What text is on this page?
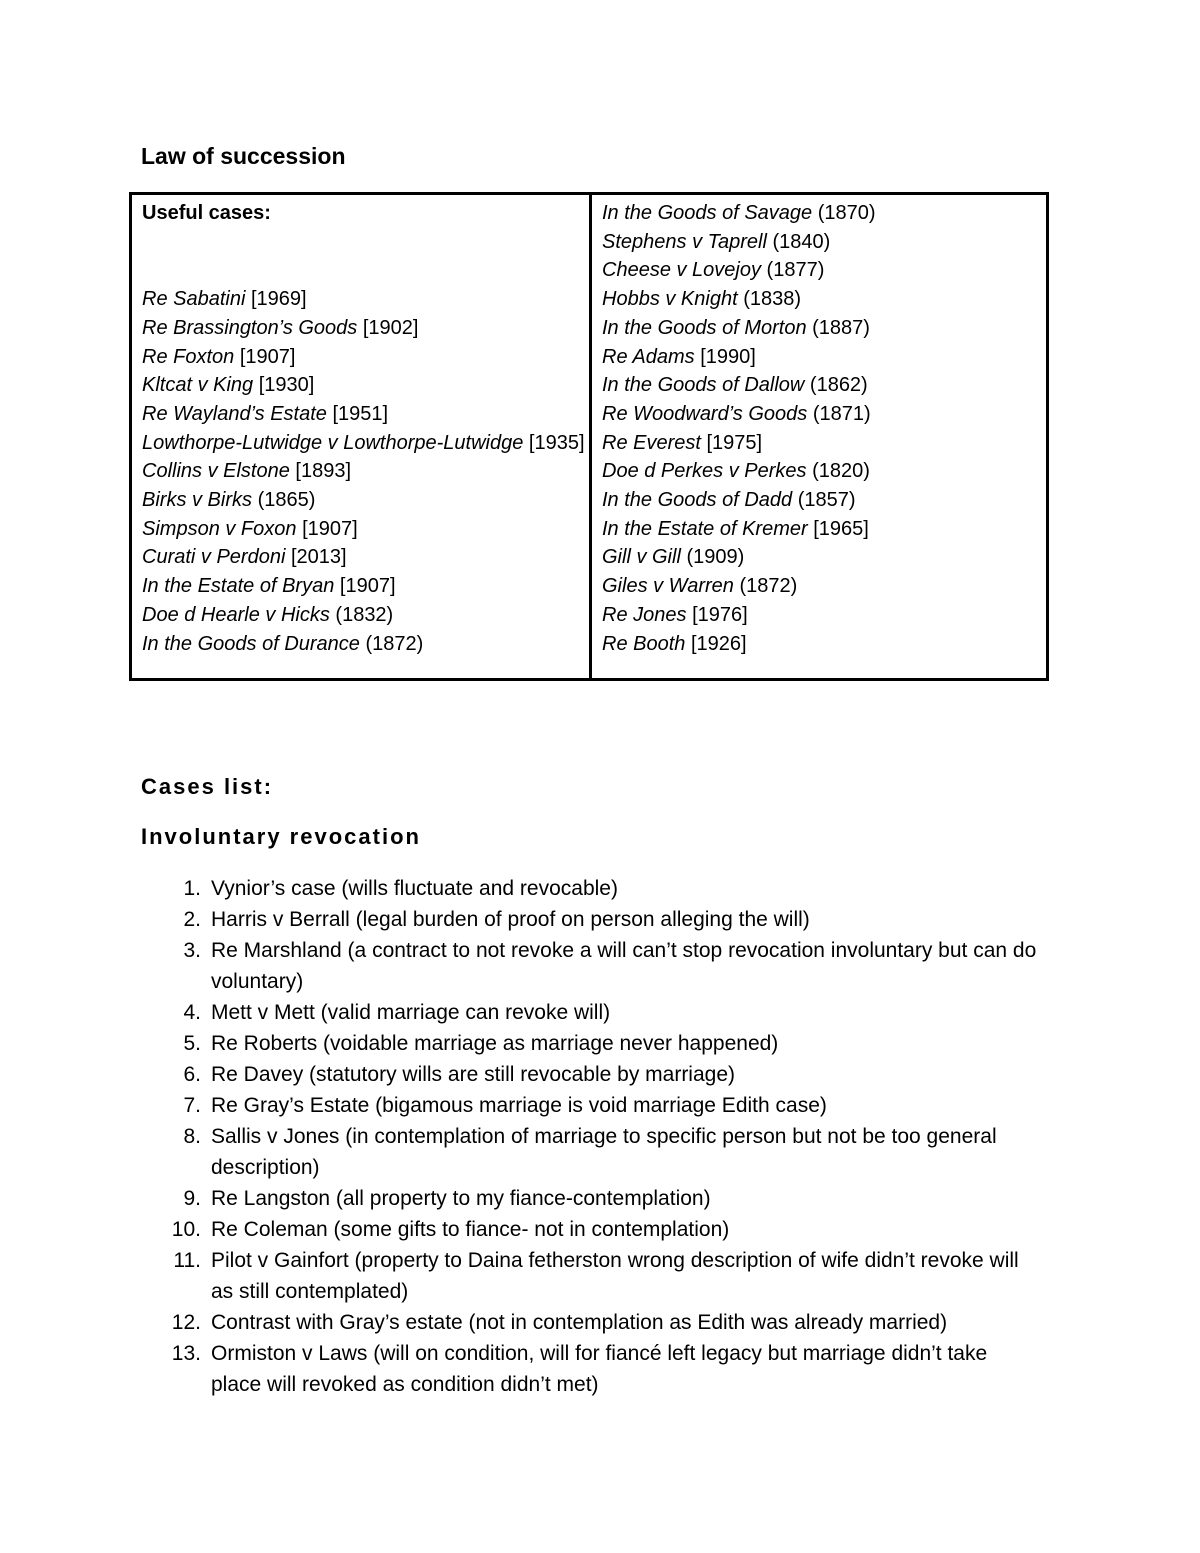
Law of succession
Useful cases:
Re Sabatini [1969]
Re Brassington’s Goods [1902]
Re Foxton [1907]
Kltcat v King [1930]
Re Wayland’s Estate [1951]
Lowthorpe-Lutwidge v Lowthorpe-Lutwidge [1935]
Collins v Elstone [1893]
Birks v Birks (1865)
Simpson v Foxon [1907]
Curati v Perdoni [2013]
In the Estate of Bryan [1907]
Doe d Hearle v Hicks (1832)
In the Goods of Durance (1872)
In the Goods of Savage (1870)
Stephens v Taprell (1840)
Cheese v Lovejoy (1877)
Hobbs v Knight (1838)
In the Goods of Morton (1887)
Re Adams [1990]
In the Goods of Dallow (1862)
Re Woodward’s Goods (1871)
Re Everest [1975]
Doe d Perkes v Perkes (1820)
In the Goods of Dadd (1857)
In the Estate of Kremer [1965]
Gill v Gill (1909)
Giles v Warren (1872)
Re Jones [1976]
Re Booth [1926]
Cases list:
Involuntary revocation
1. Vynior’s case (wills fluctuate and revocable)
2. Harris v Berrall (legal burden of proof on person alleging the will)
3. Re Marshland (a contract to not revoke a will can’t stop revocation involuntary but can do voluntary)
4. Mett v Mett (valid marriage can revoke will)
5. Re Roberts (voidable marriage as marriage never happened)
6. Re Davey (statutory wills are still revocable by marriage)
7. Re Gray’s Estate (bigamous marriage is void marriage Edith case)
8. Sallis v Jones (in contemplation of marriage to specific person but not be too general description)
9. Re Langston (all property to my fiance-contemplation)
10. Re Coleman (some gifts to fiance- not in contemplation)
11. Pilot v Gainfort (property to Daina fetherston wrong description of wife didn’t revoke will as still contemplated)
12. Contrast with Gray’s estate (not in contemplation as Edith was already married)
13. Ormiston v Laws (will on condition, will for fiancé left legacy but marriage didn’t take place will revoked as condition didn’t met)
